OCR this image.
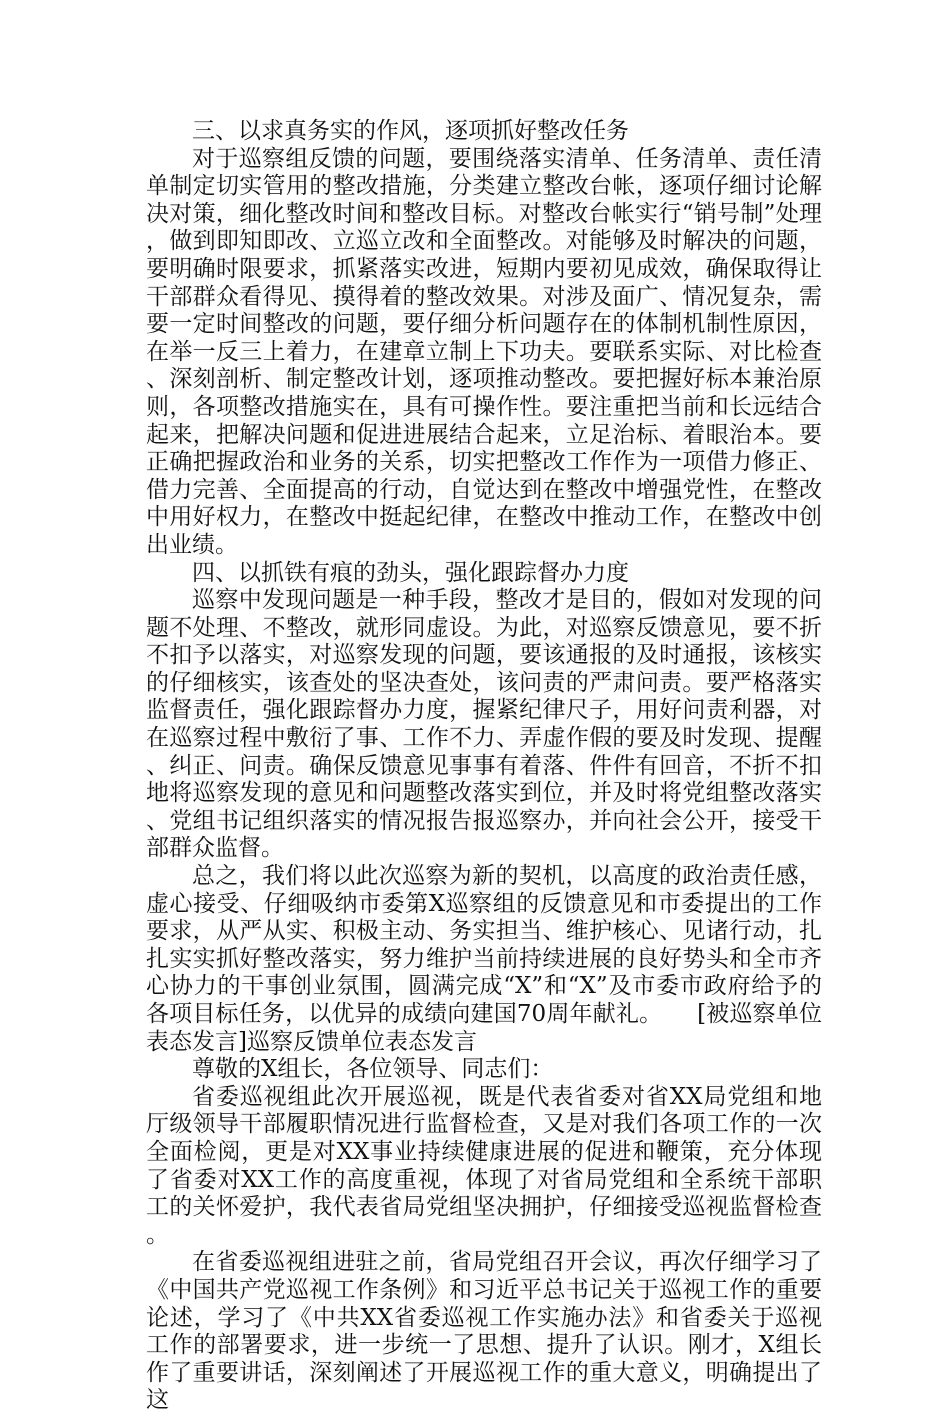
三、以求真务实的作风，逐项抓好整改任务

对于巡察组反馈的问题，要围绕落实清单、任务清单、责任清单制定切实管用的整改措施，分类建立整改台帐，逐项仔细讨论解决对策，细化整改时间和整改目标。对整改台帐实行“销号制”处理，做到即知即改、立巡立改和全面整改。对能够及时解决的问题，要明确时限要求，抓紧落实改进，短期内要初见成效，确保取得让干部群众看得见、摸得着的整改效果。对涉及面广、情况复杂，需要一定时间整改的问题，要仔细分析问题存在的体制机制性原因，在举一反三上着力，在建章立制上下功夫。要联系实际、对比检查、深刻剖析、制定整改计划，逐项推动整改。要把握好标本兼治原则，各项整改措施实在，具有可操作性。要注重把当前和长远结合起来，把解决问题和促进进展结合起来，立足治标、着眼治本。要正确把握政治和业务的关系，切实把整改工作作为一项借力修正、借力完善、全面提高的行动，自觉达到在整改中增强党性，在整改中用好权力，在整改中挺起纪律，在整改中推动工作，在整改中创出业绩。

四、以抓铁有痕的劲头，强化跟踪督办力度

巡察中发现问题是一种手段，整改才是目的，假如对发现的问题不处理、不整改，就形同虚设。为此，对巡察反馈意见，要不折不扣予以落实，对巡察发现的问题，要该通报的及时通报，该核实的仔细核实，该查处的坚决查处，该问责的严肃问责。要严格落实监督责任，强化跟踪督办力度，握紧纪律尺子，用好问责利器，对在巡察过程中敷衍了事、工作不力、弄虚作假的要及时发现、提醒、纠正、问责。确保反馈意见事事有着落、件件有回音，不折不扣地将巡察发现的意见和问题整改落实到位，并及时将党组整改落实、党组书记组织落实的情况报告报巡察办，并向社会公开，接受干部群众监督。

总之，我们将以此次巡察为新的契机，以高度的政治责任感，虚心接受、仔细吸纳市委第X巡察组的反馈意见和市委提出的工作要求，从严从实、积极主动、务实担当、维护核心、见诸行动，扎扎实实抓好整改落实，努力维护当前持续进展的良好势头和全市齐心协力的干事创业氛围，圆满完成“X”和“X”及市委市政府给予的各项目标任务，以优异的成绩向建国70周年献礼。　　[被巡察单位表态发言]巡察反馈单位表态发言

尊敬的X组长，各位领导、同志们：

省委巡视组此次开展巡视，既是代表省委对省XX局党组和地厅级领导干部履职情况进行监督检查，又是对我们各项工作的一次全面检阅，更是对XX事业持续健康进展的促进和鞭策，充分体现了省委对XX工作的高度重视，体现了对省局党组和全系统干部职工的关怀爱护，我代表省局党组坚决拥护，仔细接受巡视监督检查。

在省委巡视组进驻之前，省局党组召开会议，再次仔细学习了《中国共产党巡视工作条例》和习近平总书记关于巡视工作的重要论述，学习了《中共XX省委巡视工作实施办法》和省委关于巡视工作的部署要求，进一步统一了思想、提升了认识。刚才，X组长作了重要讲话，深刻阐述了开展巡视工作的重大意义，明确提出了这
